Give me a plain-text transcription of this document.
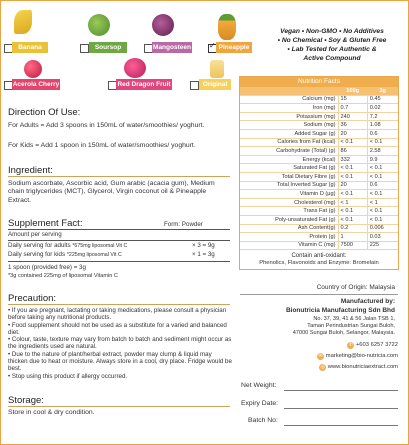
Banana	Soursop	Mangosteen ✓ Pineapple
Acerola Cherry	Red Dragon Fruit	Original
Vegan • Non-GMO • No Additives
• No Chemical • Soy & Gluten Free
• Lab Tested for Authentic &
Active Compound
Direction Of Use:
For Adults = Add 3 spoons in 150mL of water/smoothies/ yoghurt.
For Kids = Add 1 spoon in 150mL of water/smoothies/ yoghurt.
Ingredient:
Sodium ascorbate, Ascorbic acid, Gum arabic (acacia gum), Medium chain triglycerides (MCT), Glycerol, Virgin coconut oil & Pineapple Extract.
Supplement Fact:	Form: Powder
Amount per serving
Daily serving for adults *675mg liposomal Vit C	× 3 = 9g
Daily serving for kids *225mg liposomal Vit C	× 1 = 3g
1 spoon (provided free) = 3g
*3g contained 225mg of liposomal Vitamin C
Precaution:
• If you are pregnant, lactating or taking medications, please consult a physician before taking any nutritional products.
• Food supplement should not be used as a substitute for a varied and balanced diet.
• Colour, taste, texture may vary from batch to batch and sediment might occur as the ingredients used are natural.
• Due to the nature of plant/herbal extract, powder may clump & liquid may thicken due to heat or moisture. Always store in a cool, dry place. Fridge would be best.
• Stop using this product if allergy occurred.
Storage:
Store in cool & dry condition.
Nutrition Facts
	100g	3g
Calcium (mg)	15	0.45
Iron (mg)	0.7	0.02
Potassium (mg)	240	7.2
Sodium (mg)	36	1.08
Added Sugar (g)	20	0.6
Calories from Fat (kcal)	< 0.1	< 0.1
Carbohydrate (Total) (g)	86	2.58
Energy (kcal)	332	9.9
Saturated Fat (g)	< 0.1	< 0.1
Total Dietary Fibre (g)	< 0.1	< 0.1
Total Inverted Sugar (g)	20	0.6
Vitamin D (µg)	< 0.1	< 0.1
Cholesterol (mg)	< 1	< 1
Trans Fat (g)	< 0.1	< 0.1
Poly-unsaturated Fat (g)	< 0.1	< 0.1
Ash Content(g)	0.2	0.006
Protein (g)	1	0.03
Vitamin C (mg)	7500	225
Contain anti-oxidant:
Phenolics, Flavonoids and Enzyme: Bromelain
Country of Origin: Malaysia
Manufactured by:
Bionutricia Manufacturing Sdn Bhd
No. 37, 39, 41 & 56 Jalan TSB 1,
Taman Perindustrian Sungai Buloh,
47000 Sungai Buloh, Selangor, Malaysia.
✆ +603 6257 3722
✉ marketing@bio-nutricia.com
◎ www.bionutriciaextract.com
Net Weight:
Expiry Date:
Batch No:
